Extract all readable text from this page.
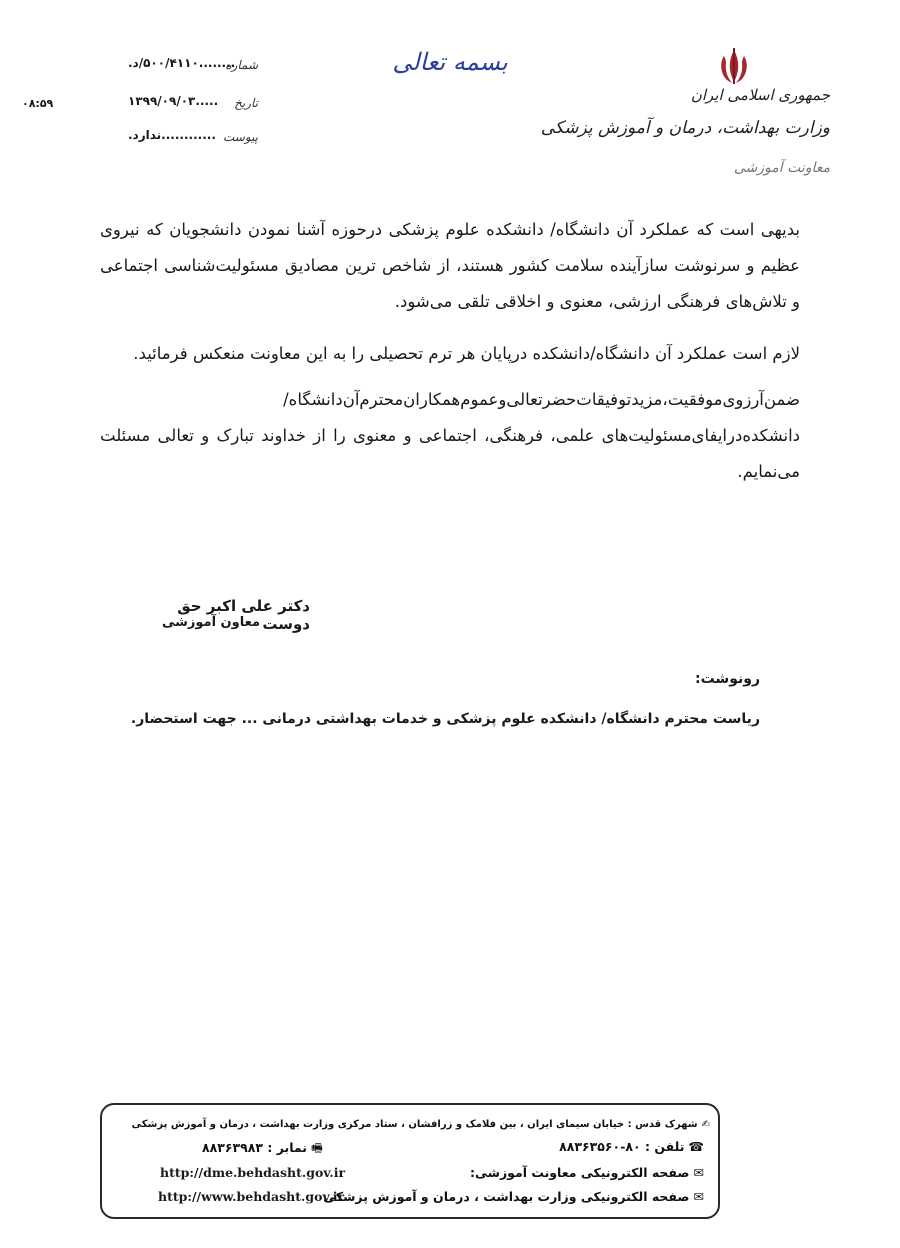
بسمه تعالی
جمهوری اسلامی ایران
وزارت بهداشت، درمان و آموزش پزشکی
معاونت آموزشی
........۵۰۰/۴۱۱۰/د.
شماره
.....۱۳۹۹/۰۹/۰۳ تاریخ
............ندارد. پیوست
۰۸:۵۹

بدیهی است که عملکرد آن دانشگاه/ دانشکده علوم پزشکی درحوزه آشنا نمودن دانشجویان که نیروی عظیم و سرنوشت سازآینده سلامت کشور هستند، از شاخص ترین مصادیق مسئولیت‌شناسی اجتماعی و تلاش‌های فرهنگی ارزشی، معنوی و اخلاقی تلقی می‌شود.

لازم است عملکرد آن دانشگاه/دانشکده درپایان هر ترم تحصیلی را به این معاونت منعکس فرمائید.

ضمن‌آرزوی‌موفقیت،مزیدتوفیقات‌حضرتعالی‌وعموم‌همکاران‌محترم‌آن‌دانشگاه/دانشکده‌در‌ایفای‌مسئولیت‌های علمی، فرهنگی، اجتماعی و معنوی را از خداوند تبارک و تعالی مسئلت می‌نمایم.

دکتر علی اکبر حق دوست
معاون آموزشی
رونوشت:
ریاست محترم دانشگاه/ دانشکده علوم پزشکی و خدمات بهداشتی درمانی ... جهت استحضار.
✍شهرک قدس : خیابان سیمای ایران ، بین فلامک و زرافشان ، ستاد مرکزی وزارت بهداشت ، درمان و آموزش پزشکی
☎تلفن : ۸۰-۸۸۳۶۳۵۶۰
🖷نمابر : ۸۸۳۶۳۹۸۳
✉صفحه الکترونیکی معاونت آموزشی:
http://dme.behdasht.gov.ir
✉صفحه الکترونیکی وزارت بهداشت ، درمان و آموزش پزشکی
http://www.behdasht.gov.ir
